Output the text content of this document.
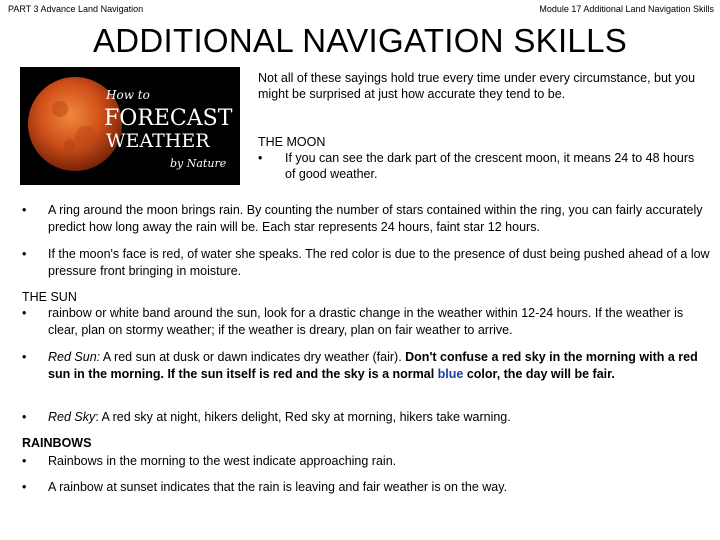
PART 3 Advance Land Navigation	Module 17 Additional Land Navigation Skills
ADDITIONAL NAVIGATION SKILLS
How to
FORECAST
WEATHER
by Nature
Not all of these sayings hold true every time under every circumstance, but you might be surprised at just how accurate they tend to be.
THE MOON
•	If you can see the dark part of the crescent moon, it means 24 to 48 hours of good weather.
•	A ring around the moon brings rain. By counting the number of stars contained within the ring, you can fairly accurately predict how long away the rain will be. Each star represents 24 hours, faint star 12 hours.
•	If the moon's face is red, of water she speaks. The red color is due to the presence of dust being pushed ahead of a low pressure front bringing in moisture.
THE SUN
•	rainbow or white band around the sun, look for a drastic change in the weather within 12-24 hours. If the weather is clear, plan on stormy weather; if the weather is dreary, plan on fair weather to arrive.
•	Red Sun: A red sun at dusk or dawn indicates dry weather (fair). Don't confuse a red sky in the morning with a red sun in the morning. If the sun itself is red and the sky is a normal blue color, the day will be fair.
•	Red Sky: A red sky at night, hikers delight, Red sky at morning, hikers take warning.
RAINBOWS
•	Rainbows in the morning to the west indicate approaching rain.
•	A rainbow at sunset indicates that the rain is leaving and fair weather is on the way.
